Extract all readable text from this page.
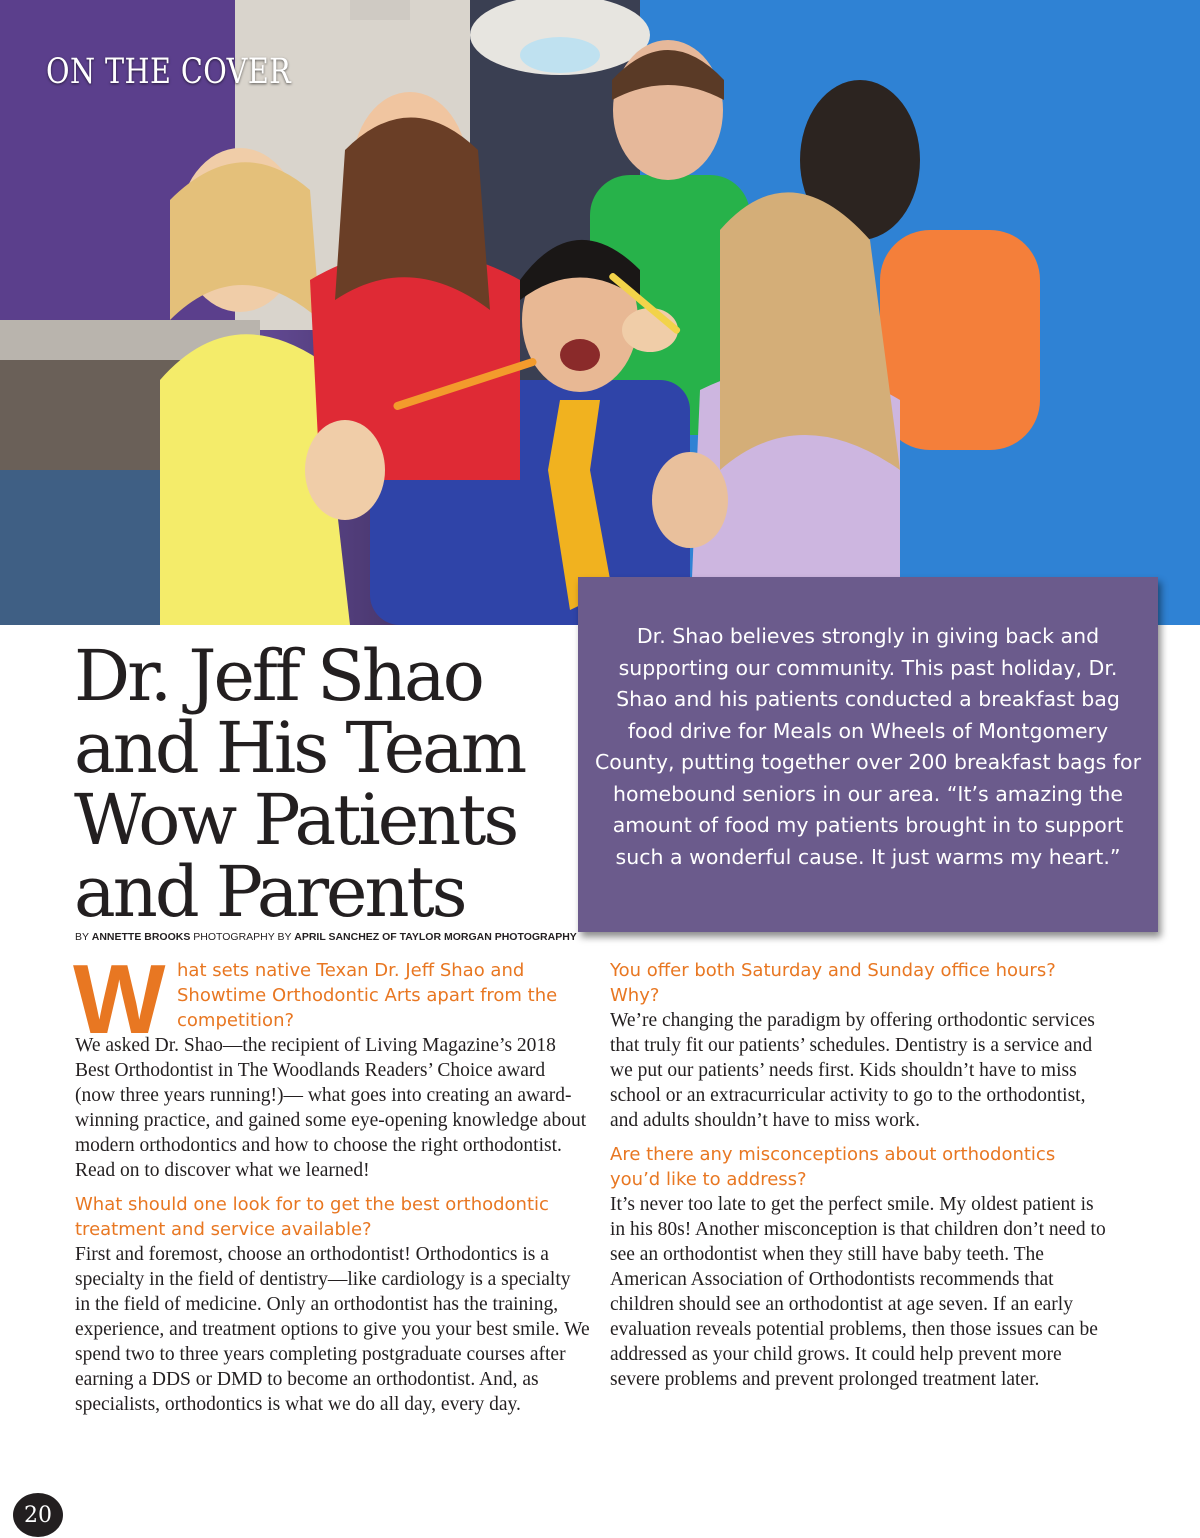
ON THE COVER

Dr. Shao believes strongly in giving back and supporting our community. This past holiday, Dr. Shao and his patients conducted a breakfast bag food drive for Meals on Wheels of Montgomery County, putting together over 200 breakfast bags for homebound seniors in our area. “It’s amazing the amount of food my patients brought in to support such a wonderful cause. It just warms my heart.”

Dr. Jeff Shao and His Team Wow Patients and Parents

BY ANNETTE BROOKS PHOTOGRAPHY BY APRIL SANCHEZ OF TAYLOR MORGAN PHOTOGRAPHY

W hat sets native Texan Dr. Jeff Shao and Showtime Orthodontic Arts apart from the competition?

We asked Dr. Shao—the recipient of Living Magazine’s 2018 Best Orthodontist in The Woodlands Readers’ Choice award (now three years running!)— what goes into creating an award-winning practice, and gained some eye-opening knowledge about modern orthodontics and how to choose the right orthodontist. Read on to discover what we learned!

What should one look for to get the best orthodontic treatment and service available?

First and foremost, choose an orthodontist! Orthodontics is a specialty in the field of dentistry—like cardiology is a specialty in the field of medicine. Only an orthodontist has the training, experience, and treatment options to give you your best smile. We spend two to three years completing postgraduate courses after earning a DDS or DMD to become an orthodontist. And, as specialists, orthodontics is what we do all day, every day.

You offer both Saturday and Sunday office hours? Why?

We’re changing the paradigm by offering orthodontic services that truly fit our patients’ schedules. Dentistry is a service and we put our patients’ needs first. Kids shouldn’t have to miss school or an extracurricular activity to go to the orthodontist, and adults shouldn’t have to miss work.

Are there any misconceptions about orthodontics you’d like to address?

It’s never too late to get the perfect smile. My oldest patient is in his 80s! Another misconception is that children don’t need to see an orthodontist when they still have baby teeth. The American Association of Orthodontists recommends that children should see an orthodontist at age seven. If an early evaluation reveals potential problems, then those issues can be addressed as your child grows. It could help prevent more severe problems and prevent prolonged treatment later.

20
